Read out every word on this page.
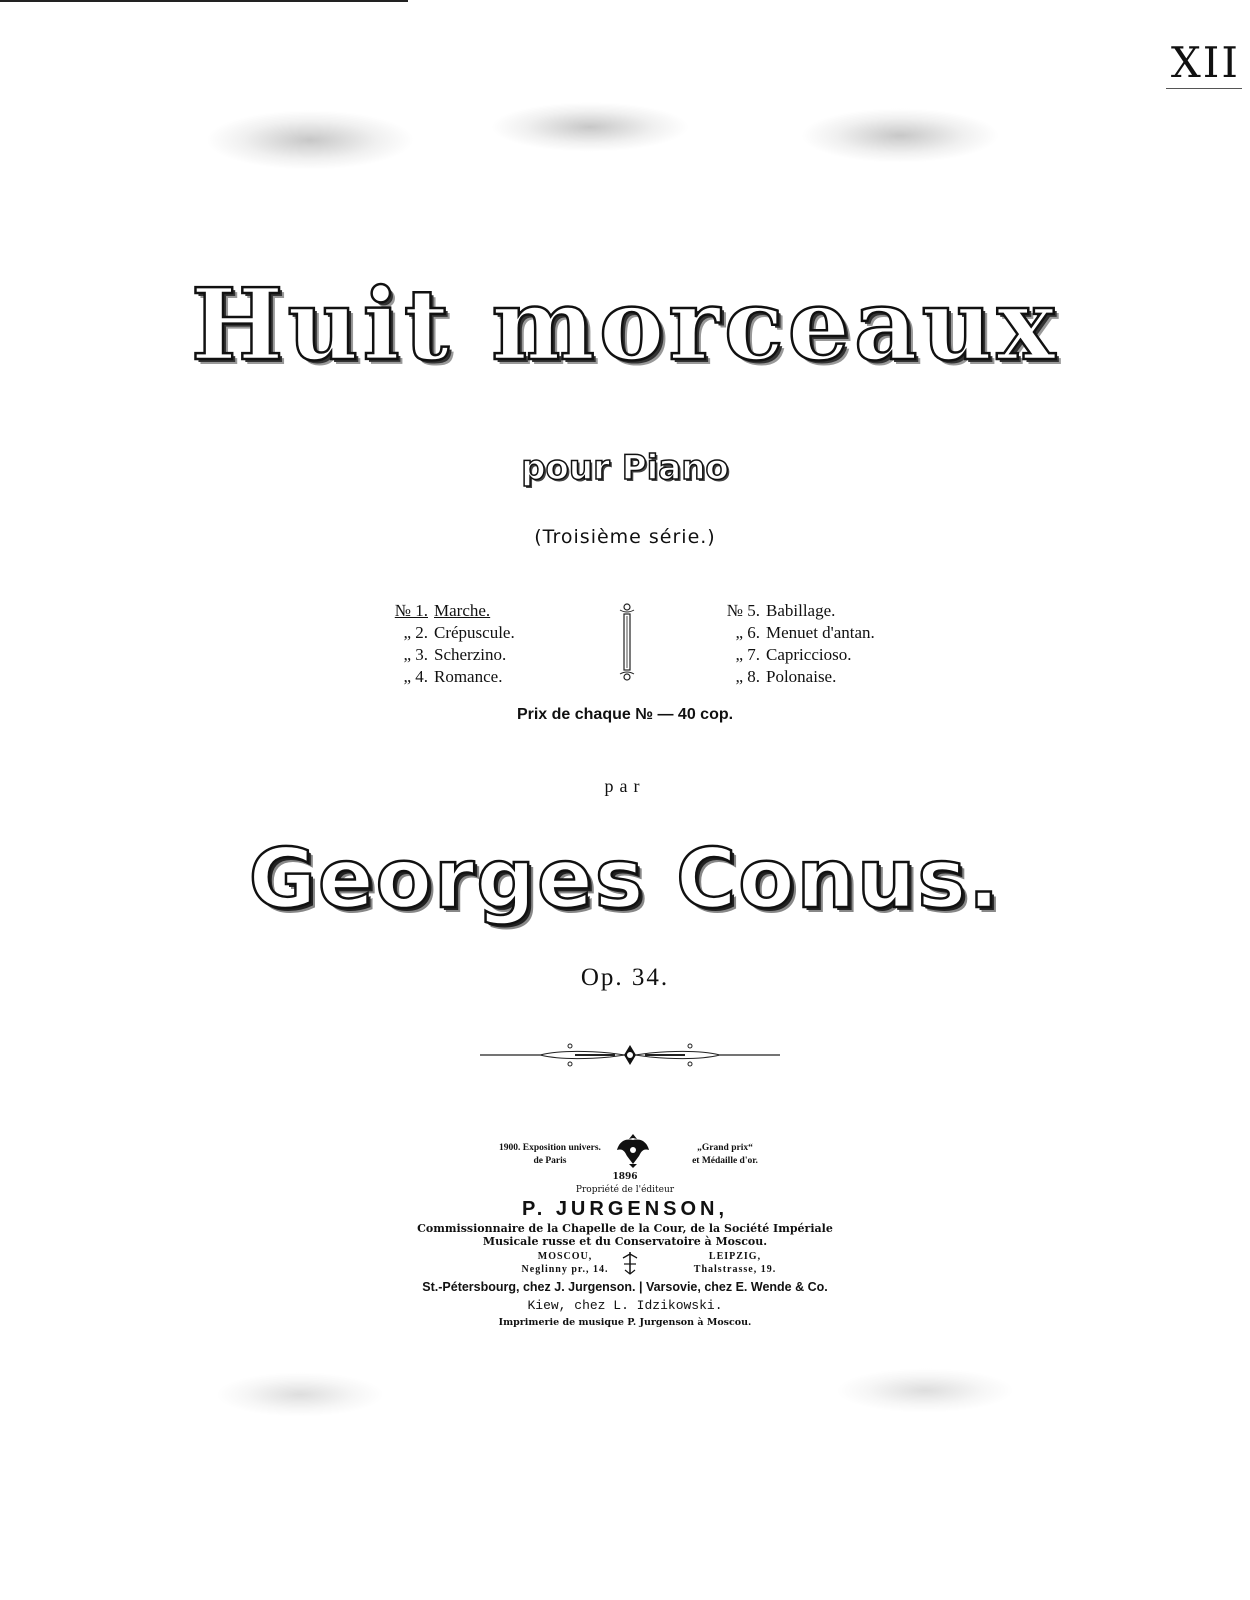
XII
Huit morceaux
pour Piano
(Troisième série.)
№ 1. Marche.
„ 2. Crépuscule.
„ 3. Scherzino.
„ 4. Romance.
№ 5. Babillage.
„ 6. Menuet d'antan.
„ 7. Capriccioso.
„ 8. Polonaise.
Prix de chaque № — 40 cop.
par
Georges Conus.
Op. 34.
1900. Exposition univers.
de Paris
„Grand prix“
et Médaille d'or.
1896
Propriété de l'éditeur
P. JURGENSON,
Commissionnaire de la Chapelle de la Cour, de la Société Impériale
Musicale russe et du Conservatoire à Moscou.
MOSCOU,
Neglinny pr., 14.
LEIPZIG,
Thalstrasse, 19.
St.-Pétersbourg, chez J. Jurgenson. | Varsovie, chez E. Wende & Co.
Kiew, chez L. Idzikowski.
Imprimerie de musique P. Jurgenson à Moscou.
